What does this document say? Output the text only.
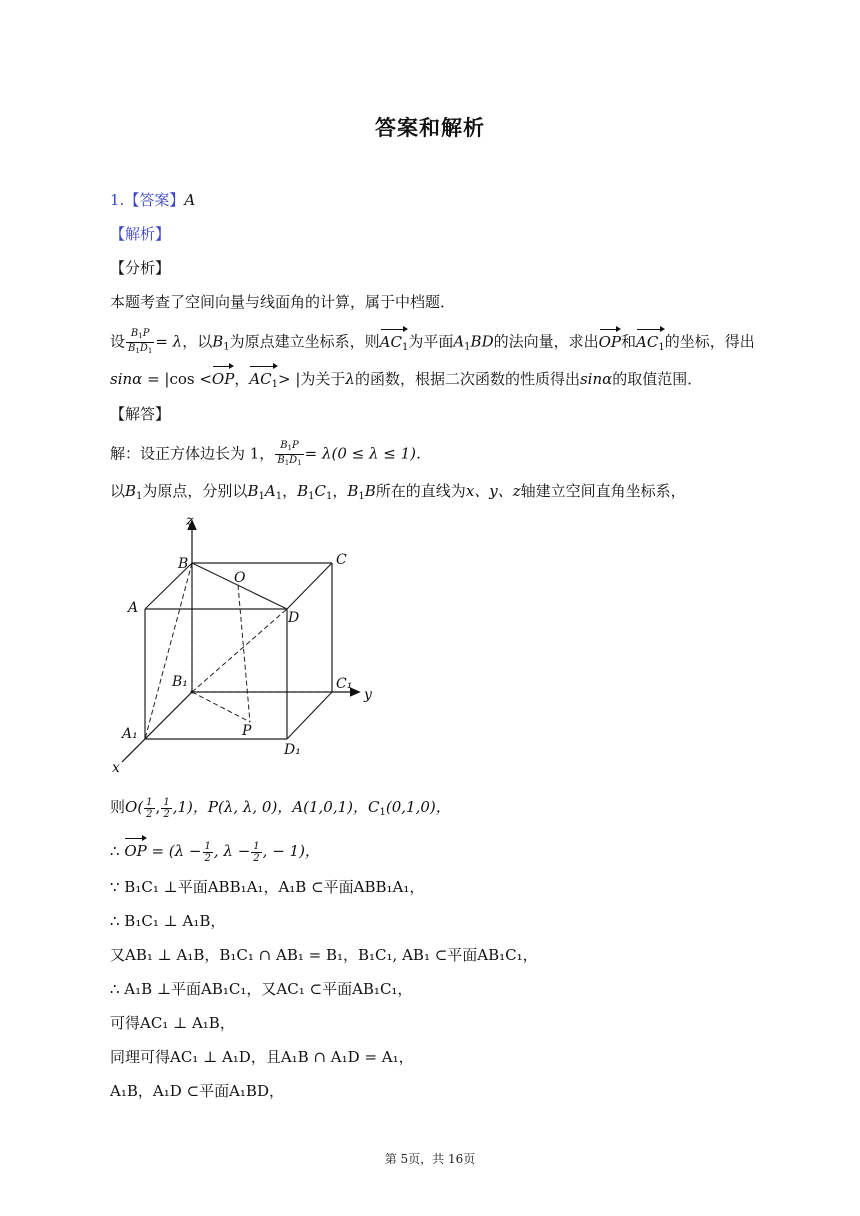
答案和解析
1.【答案】A
【解析】
【分析】
本题考查了空间向量与线面角的计算，属于中档题．
设 $\frac{B_1P}{B_1D_1} = \lambda$，以$B_1$为原点建立坐标系，则$AC_1$为平面$A_1BD$的法向量，求出OP和$AC_1$的坐标，得出
sinα = |cos <OP，$AC_1>$ |为关于λ的函数，根据二次函数的性质得出sinα的取值范围．
【解答】
解：设正方体边长为 1， $\frac{B_1P}{B_1D_1} = \lambda(0 \le \lambda \le 1)$．
以$B_1$为原点，分别以$B_1A_1$，$B_1C_1$，$B_1B$所在的直线为x、y、z轴建立空间直角坐标系，
z
B
O
C
A
D
B₁	C₁
y
A₁	P
D₁
x
则$O( \frac{1}{2}$ , $\frac{1}{2} ,1$)，P(λ, λ, 0)，A(1,0,1)，$C_1(0,1,0)$，
∴ OP = ($\lambda - \frac{1}{2}$ , $\lambda - \frac{1}{2}$ , − 1)，
∵ B₁C₁ ⊥平面ABB₁A₁，A₁B ⊂平面ABB₁A₁，
∴ B₁C₁ ⊥ A₁B，
又AB₁ ⊥ A₁B，B₁C₁ ∩ AB₁ = B₁，B₁C₁, AB₁ ⊂平面AB₁C₁，
∴ A₁B ⊥平面AB₁C₁，又AC₁ ⊂平面AB₁C₁，
可得AC₁ ⊥ A₁B，
同理可得AC₁ ⊥ A₁D，且A₁B ∩ A₁D = A₁，
A₁B，A₁D ⊂平面A₁BD，
第 5页，共 16页
